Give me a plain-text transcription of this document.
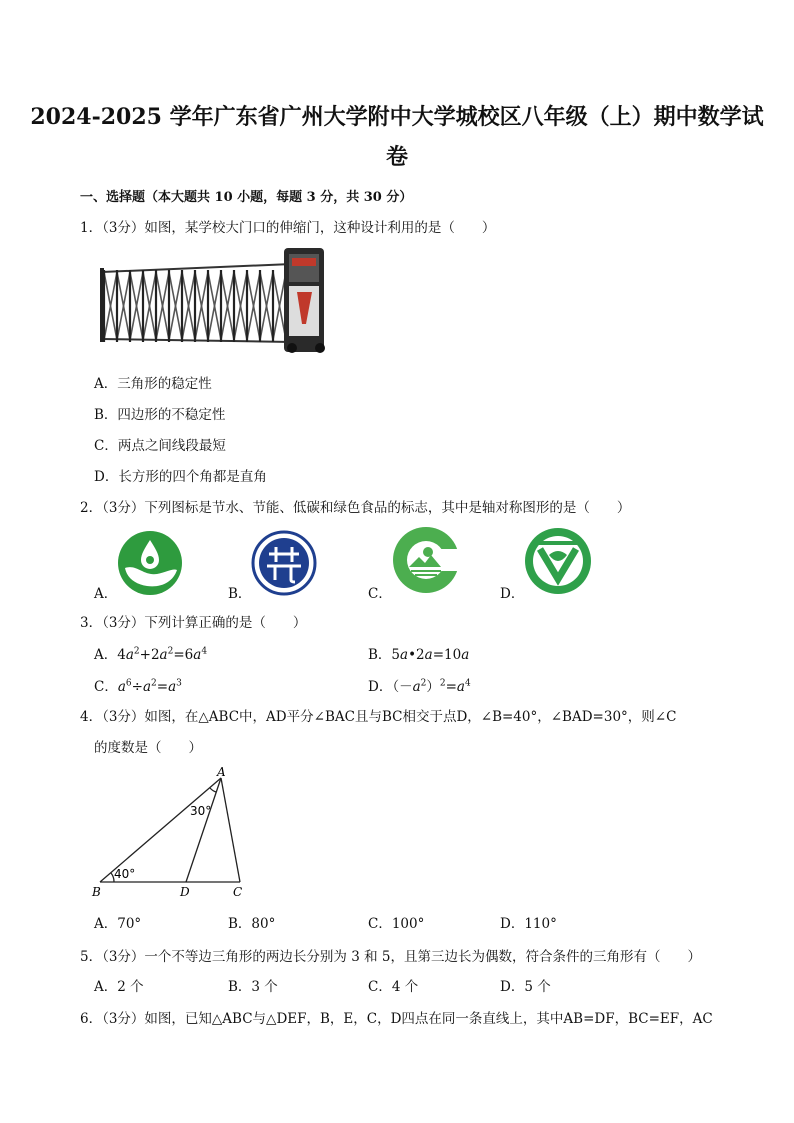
2024-2025 学年广东省广州大学附中大学城校区八年级（上）期中数学试
卷
一、选择题（本大题共 10 小题，每题 3 分，共 30 分）
1．（3分）如图，某学校大门口的伸缩门，这种设计利用的是（　　）
A．三角形的稳定性
B．四边形的不稳定性
C．两点之间线段最短
D．长方形的四个角都是直角
2．（3分）下列图标是节水、节能、低碳和绿色食品的标志，其中是轴对称图形的是（　　）
A．	B．	C．	D．
3．（3分）下列计算正确的是（　　）
A．$4a^2+2a^2=6a^4$	B．5a•2a=10a
C．$a^6\div a^2=a^3$	D．$(-a^2)^2=a^4$
4．（3分）如图，在△ABC中，AD平分∠BAC且与BC相交于点D，∠B=40°，∠BAD=30°，则∠C
的度数是（　　）
A
B	D	C
30°
40°
A．70°	B．80°	C．100°	D．110°
5．（3分）一个不等边三角形的两边长分别为 3 和 5，且第三边长为偶数，符合条件的三角形有（　　）
A．2 个	B．3 个	C．4 个	D．5 个
6．（3分）如图，已知△ABC与△DEF，B，E，C，D四点在同一条直线上，其中AB=DF，BC=EF，AC
